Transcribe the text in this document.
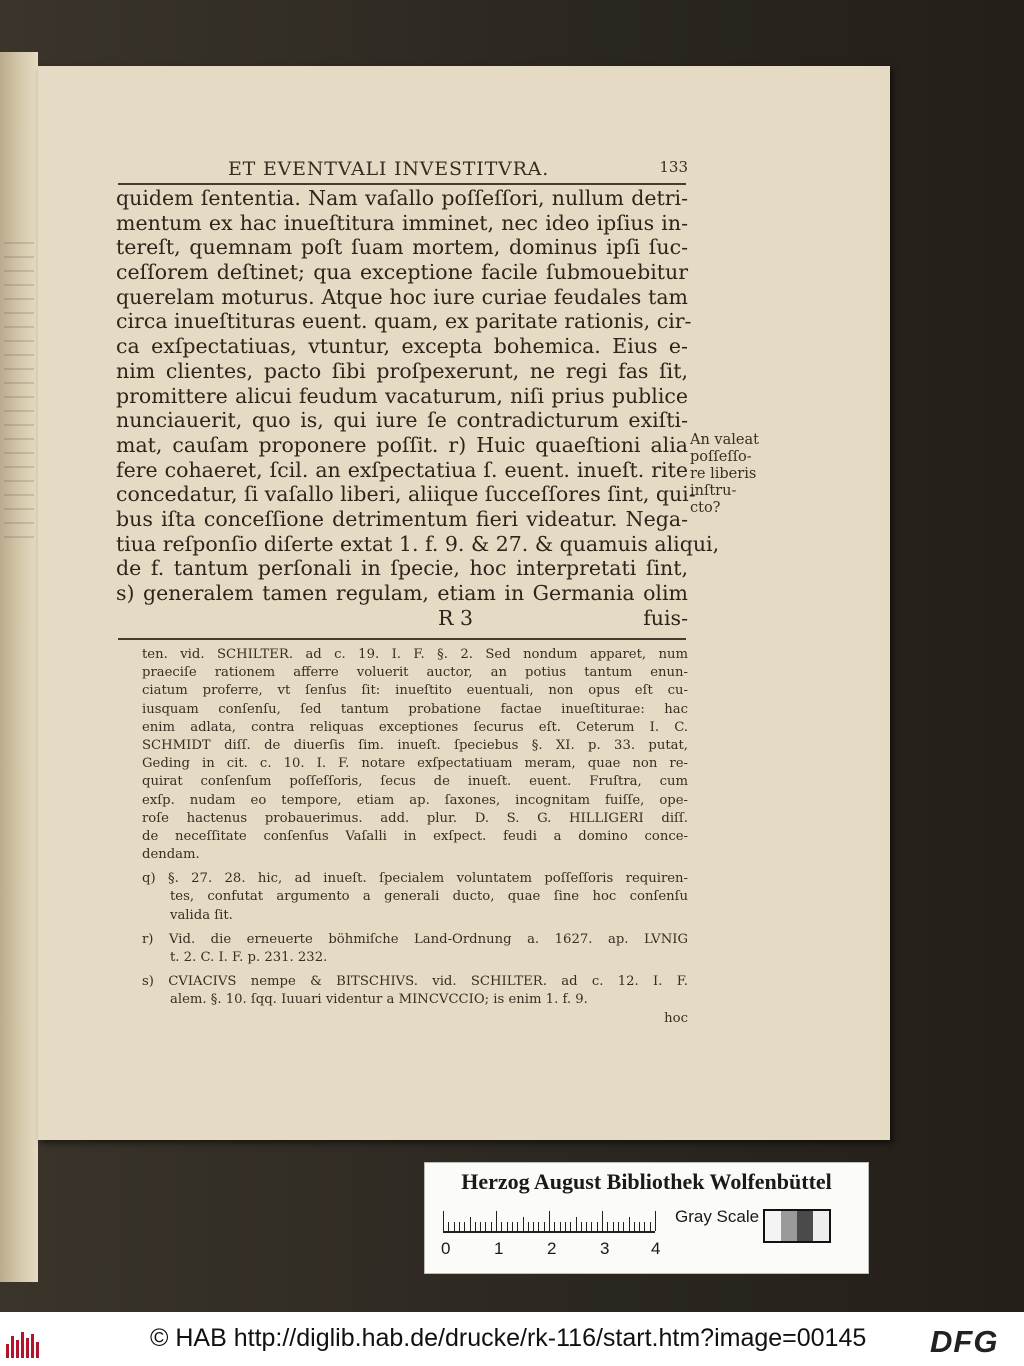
ET EVENTVALI INVESTITVRA.	133
quidem ſententia. Nam vaſallo poſſeſſori, nullum detri-
mentum ex hac inueſtitura imminet, nec ideo ipſius in-
tereſt, quemnam poſt ſuam mortem, dominus ipſi ſuc-
ceſſorem deſtinet; qua exceptione facile ſubmouebitur
querelam moturus. Atque hoc iure curiae feudales tam
circa inueſtituras euent. quam, ex paritate rationis, cir-
ca exſpectatiuas, vtuntur, excepta bohemica. Eius e-
nim clientes, pacto ſibi proſpexerunt, ne regi fas ſit,
promittere alicui feudum vacaturum, niſi prius publice
nunciauerit, quo is, qui iure ſe contradicturum exiſti-
mat, cauſam proponere poſſit. r) Huic quaeſtioni alia
fere cohaeret, ſcil. an exſpectatiua ſ. euent. inueſt. rite
concedatur, ſi vaſallo liberi, aliique ſucceſſores ſint, qui-
bus iſta conceſſione detrimentum fieri videatur. Nega-
tiua reſponſio diſerte extat 1. f. 9. & 27. & quamuis aliqui,
de f. tantum perſonali in ſpecie, hoc interpretati ſint,
s) generalem tamen regulam, etiam in Germania olim
R 3	fuis-
An valeat
poſſeſſo-
re liberis
inſtru-
cto?
ten. vid. SCHILTER. ad c. 19. I. F. §. 2. Sed nondum apparet, num
praeciſe rationem afferre voluerit auctor, an potius tantum enun-
ciatum proferre, vt ſenſus ſit: inueſtito euentuali, non opus eſt cu-
iusquam conſenſu, ſed tantum probatione factae inueſtiturae: hac
enim adlata, contra reliquas exceptiones ſecurus eſt. Ceterum I. C.
SCHMIDT diſſ. de diuerſis ſim. inueſt. ſpeciebus §. XI. p. 33. putat,
Geding in cit. c. 10. I. F. notare exſpectatiuam meram, quae non re-
quirat conſenſum poſſeſſoris, ſecus de inueſt. euent. Fruſtra, cum
exſp. nudam eo tempore, etiam ap. ſaxones, incognitam fuiſſe, ope-
roſe hactenus probauerimus. add. plur. D. S. G. HILLIGERI diſſ.
de neceſſitate conſenſus Vaſalli in exſpect. feudi a domino conce-
dendam.
q) §. 27. 28. hic, ad inueſt. ſpecialem voluntatem poſſeſſoris requiren-
tes, confutat argumento a generali ducto, quae ſine hoc conſenſu
valida ſit.
r) Vid. die erneuerte böhmiſche Land-Ordnung a. 1627. ap. LVNIG
t. 2. C. I. F. p. 231. 232.
s) CVIACIVS nempe & BITSCHIVS. vid. SCHILTER. ad c. 12. I. F.
alem. §. 10. ſqq. Iuuari videntur a MINCVCCIO; is enim 1. f. 9.
hoc
Herzog August Bibliothek Wolfenbüttel
0	1	2	3 4
Gray Scale
© HAB http://diglib.hab.de/drucke/rk-116/start.htm?image=00145 DFG
